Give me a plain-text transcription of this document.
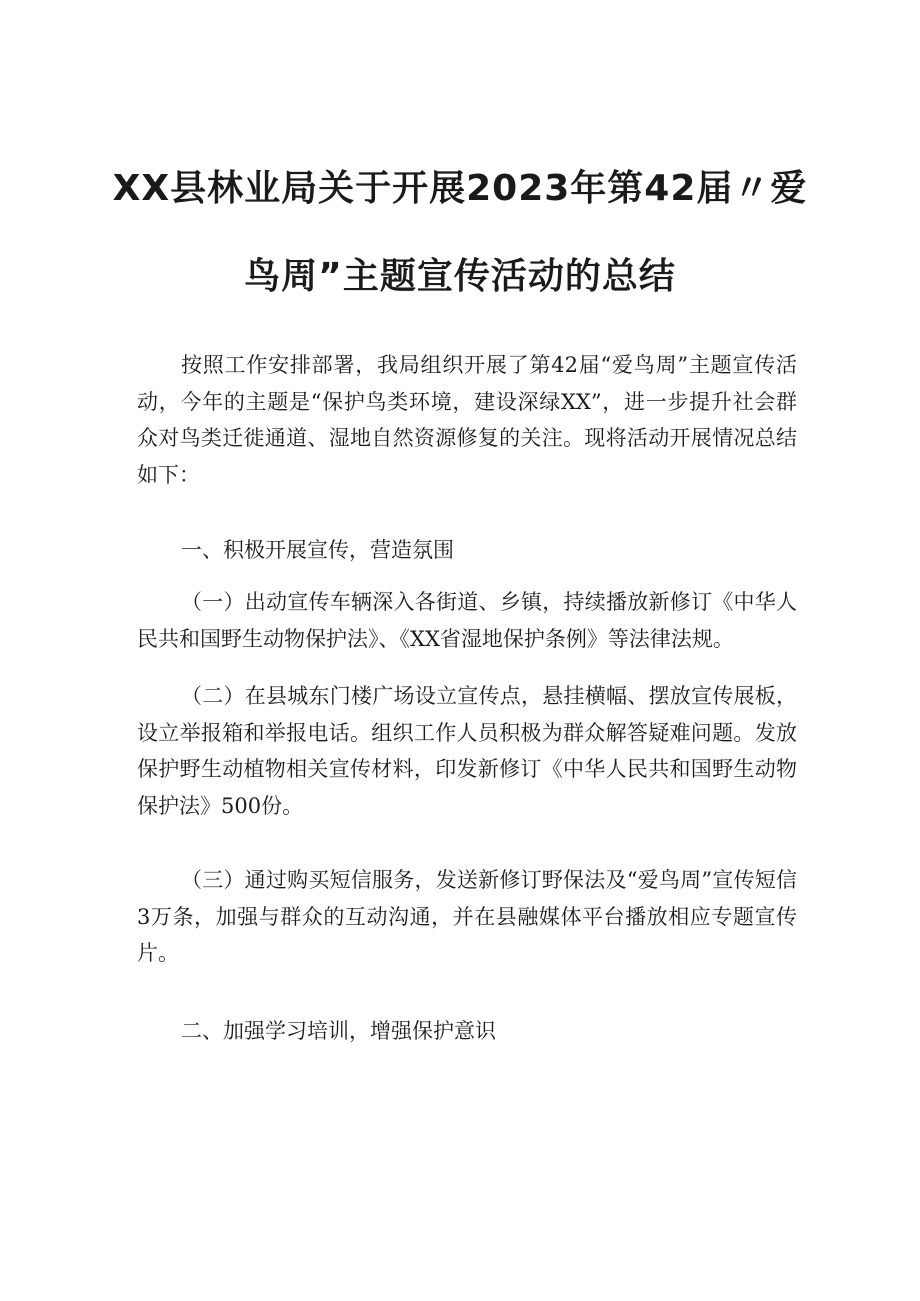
XX县林业局关于开展2023年第42届〃爱
鸟周”主题宣传活动的总结
按照工作安排部署，我局组织开展了第42届“爱鸟周”主题宣传活动，今年的主题是“保护鸟类环境，建设深绿XX”，进一步提升社会群众对鸟类迁徙通道、湿地自然资源修复的关注。现将活动开展情况总结如下：
一、积极开展宣传，营造氛围
（一）出动宣传车辆深入各街道、乡镇，持续播放新修订《中华人民共和国野生动物保护法》、《XX省湿地保护条例》等法律法规。
（二）在县城东门楼广场设立宣传点，悬挂横幅、摆放宣传展板，设立举报箱和举报电话。组织工作人员积极为群众解答疑难问题。发放保护野生动植物相关宣传材料，印发新修订《中华人民共和国野生动物保护法》500份。
（三）通过购买短信服务，发送新修订野保法及“爱鸟周”宣传短信3万条，加强与群众的互动沟通，并在县融媒体平台播放相应专题宣传片。
二、加强学习培训，增强保护意识
